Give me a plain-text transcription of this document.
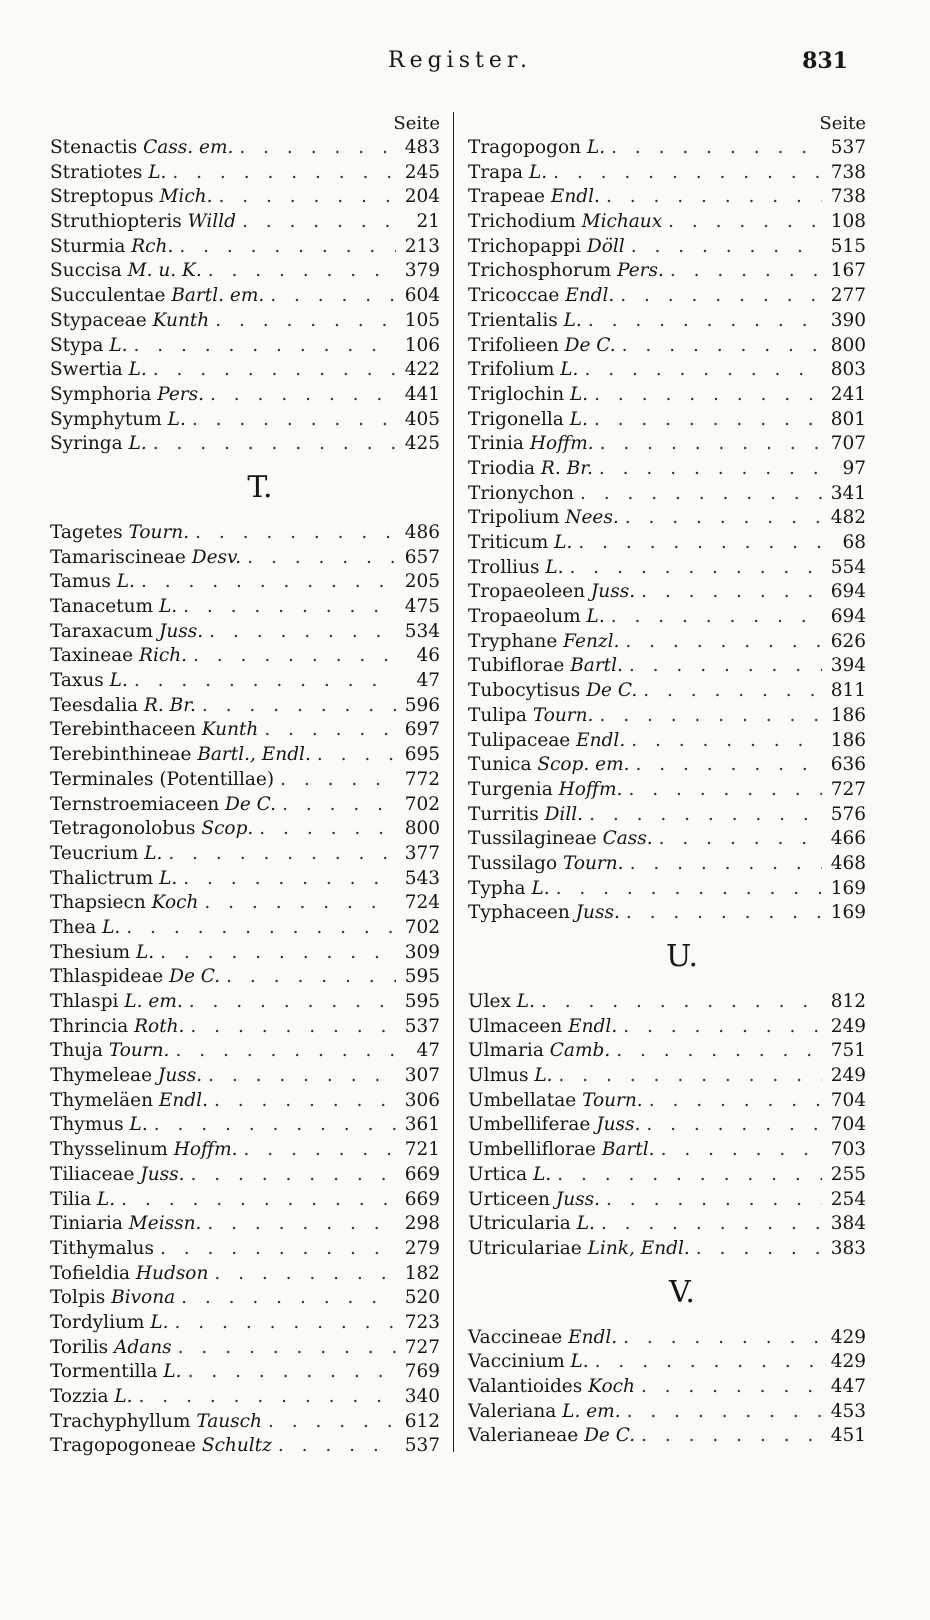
Register.	831
Seite
Stenactis Cass. em. . . .	483
Stratiotes L. . . .	245
Streptopus Mich. . . .	204
Struthiopteris Willd . . .	21
Sturmia Rch. . . .	213
Succisa M. u. K. . . .	379
Succulentae Bartl. em. . . .	604
Stypaceae Kunth . . .	105
Stypa L. . . .	106
Swertia L. . . .	422
Symphoria Pers. . . .	441
Symphytum L. . . .	405
Syringa L. . . .	425
T.
Tagetes Tourn. . . .	486
Tamariscineae Desv. . . .	657
Tamus L. . . .	205
Tanacetum L. . . .	475
Taraxacum Juss. . . .	534
Taxineae Rich. . . .	46
Taxus L. . . .	47
Teesdalia R. Br. . . .	596
Terebinthaceen Kunth . . .	697
Terebinthineae Bartl., Endl. . . .	695
Terminales (Potentillae) . . .	772
Ternstroemiaceen De C. . . .	702
Tetragonolobus Scop. . . .	800
Teucrium L. . . .	377
Thalictrum L. . . .	543
Thapsiecn Koch . . .	724
Thea L. . . .	702
Thesium L. . . .	309
Thlaspideae De C. . . .	595
Thlaspi L. em. . . .	595
Thrincia Roth. . . .	537
Thuja Tourn. . . .	47
Thymeleae Juss. . . .	307
Thymeläen Endl. . . .	306
Thymus L. . . .	361
Thysselinum Hoffm. . . .	721
Tiliaceae Juss. . . .	669
Tilia L. . . .	669
Tiniaria Meissn. . . .	298
Tithymalus . . .	279
Tofieldia Hudson . . .	182
Tolpis Bivona . . .	520
Tordylium L. . . .	723
Torilis Adans . . .	727
Tormentilla L. . . .	769
Tozzia L. . . .	340
Trachyphyllum Tausch . . .	612
Tragopogoneae Schultz . . .	537
Seite
Tragopogon L. . . .	537
Trapa L. . . .	738
Trapeae Endl. . . .	738
Trichodium Michaux . . .	108
Trichopappi Döll . . .	515
Trichosphorum Pers. . . .	167
Tricoccae Endl. . . .	277
Trientalis L. . . .	390
Trifolieen De C. . . .	800
Trifolium L. . . .	803
Triglochin L. . . .	241
Trigonella L. . . .	801
Trinia Hoffm. . . .	707
Triodia R. Br. . . .	97
Trionychon . . .	341
Tripolium Nees. . . .	482
Triticum L. . . .	68
Trollius L. . . .	554
Tropaeoleen Juss. . . .	694
Tropaeolum L. . . .	694
Tryphane Fenzl. . . .	626
Tubiflorae Bartl. . . .	394
Tubocytisus De C. . . .	811
Tulipa Tourn. . . .	186
Tulipaceae Endl. . . .	186
Tunica Scop. em. . . .	636
Turgenia Hoffm. . . .	727
Turritis Dill. . . .	576
Tussilagineae Cass. . . .	466
Tussilago Tourn. . . .	468
Typha L. . . .	169
Typhaceen Juss. . . .	169
U.
Ulex L. . . .	812
Ulmaceen Endl. . . .	249
Ulmaria Camb. . . .	751
Ulmus L. . . .	249
Umbellatae Tourn. . . .	704
Umbelliferae Juss. . . .	704
Umbelliflorae Bartl. . . .	703
Urtica L. . . .	255
Urticeen Juss. . . .	254
Utricularia L. . . .	384
Utriculariae Link, Endl. . . .	383
V.
Vaccineae Endl. . . .	429
Vaccinium L. . . .	429
Valantioides Koch . . .	447
Valeriana L. em. . . .	453
Valerianeae De C. . . .	451
